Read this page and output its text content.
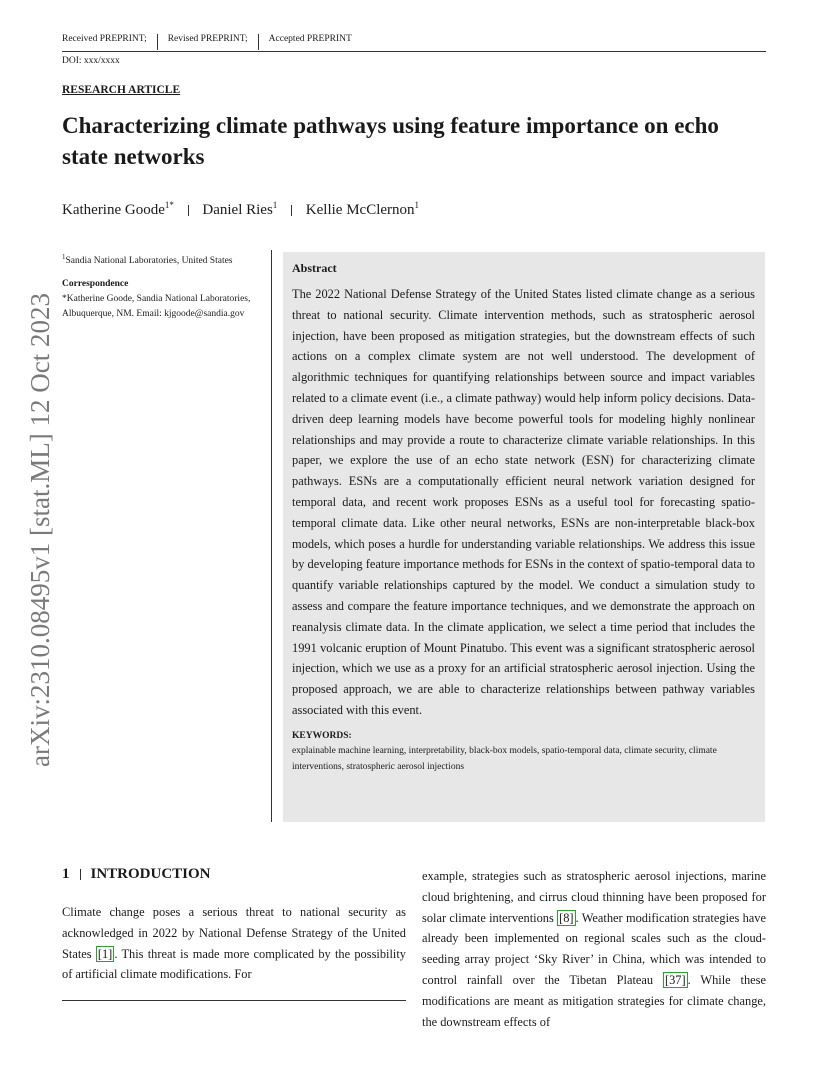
Received PREPRINT;	Revised PREPRINT;	Accepted PREPRINT
DOI: xxx/xxxx
RESEARCH ARTICLE
Characterizing climate pathways using feature importance on echo state networks
Katherine Goode$^{1*}$ Daniel Ries$^1$ Kellie McClernon$^1$
$^1$Sandia National Laboratories, United States
Correspondence
*Katherine Goode, Sandia National Laboratories, Albuquerque, NM. Email: kjgoode@sandia.gov
Abstract
The 2022 National Defense Strategy of the United States listed climate change as a serious threat to national security. Climate intervention methods, such as stratospheric aerosol injection, have been proposed as mitigation strategies, but the downstream effects of such actions on a complex climate system are not well understood. The development of algorithmic techniques for quantifying relationships between source and impact variables related to a climate event (i.e., a climate pathway) would help inform policy decisions. Data-driven deep learning models have become powerful tools for modeling highly nonlinear relationships and may provide a route to characterize climate variable relationships. In this paper, we explore the use of an echo state network (ESN) for characterizing climate pathways. ESNs are a computationally efficient neural network variation designed for temporal data, and recent work proposes ESNs as a useful tool for forecasting spatio-temporal climate data. Like other neural networks, ESNs are non-interpretable black-box models, which poses a hurdle for understanding variable relationships. We address this issue by developing feature importance methods for ESNs in the context of spatio-temporal data to quantify variable relationships captured by the model. We conduct a simulation study to assess and compare the feature importance techniques, and we demonstrate the approach on reanalysis climate data. In the climate application, we select a time period that includes the 1991 volcanic eruption of Mount Pinatubo. This event was a significant stratospheric aerosol injection, which we use as a proxy for an artificial stratospheric aerosol injection. Using the proposed approach, we are able to characterize relationships between pathway variables associated with this event.
KEYWORDS:
explainable machine learning, interpretability, black-box models, spatio-temporal data, climate security, climate interventions, stratospheric aerosol injections
arXiv:2310.08495v1 [stat.ML] 12 Oct 2023
1 INTRODUCTION
Climate change poses a serious threat to national security as acknowledged in 2022 by National Defense Strategy of the United States [1] . This threat is made more complicated by the possibility of artificial climate modifications. For
example, strategies such as stratospheric aerosol injections, marine cloud brightening, and cirrus cloud thinning have been proposed for solar climate interventions [8] . Weather modification strategies have already been implemented on regional scales such as the cloud-seeding array project ‘Sky River’ in China, which was intended to control rainfall over the Tibetan Plateau [37] . While these modifications are meant as mitigation strategies for climate change, the downstream effects of
